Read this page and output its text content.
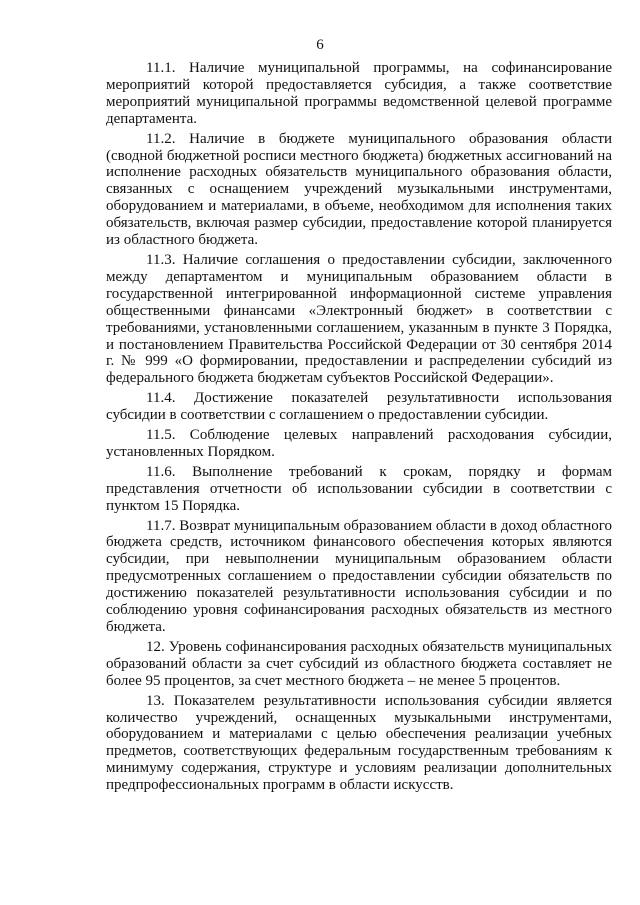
6

11.1. Наличие муниципальной программы, на софинансирование мероприятий которой предоставляется субсидия, а также соответствие мероприятий муниципальной программы ведомственной целевой программе департамента.

11.2. Наличие в бюджете муниципального образования области (сводной бюджетной росписи местного бюджета) бюджетных ассигнований на исполнение расходных обязательств муниципального образования области, связанных с оснащением учреждений музыкальными инструментами, оборудованием и материалами, в объеме, необходимом для исполнения таких обязательств, включая размер субсидии, предоставление которой планируется из областного бюджета.

11.3. Наличие соглашения о предоставлении субсидии, заключенного между департаментом и муниципальным образованием области в государственной интегрированной информационной системе управления общественными финансами «Электронный бюджет» в соответствии с требованиями, установленными соглашением, указанным в пункте 3 Порядка, и постановлением Правительства Российской Федерации от 30 сентября 2014 г. № 999 «О формировании, предоставлении и распределении субсидий из федерального бюджета бюджетам субъектов Российской Федерации».

11.4. Достижение показателей результативности использования субсидии в соответствии с соглашением о предоставлении субсидии.

11.5. Соблюдение целевых направлений расходования субсидии, установленных Порядком.

11.6. Выполнение требований к срокам, порядку и формам представления отчетности об использовании субсидии в соответствии с пунктом 15 Порядка.

11.7. Возврат муниципальным образованием области в доход областного бюджета средств, источником финансового обеспечения которых являются субсидии, при невыполнении муниципальным образованием области предусмотренных соглашением о предоставлении субсидии обязательств по достижению показателей результативности использования субсидии и по соблюдению уровня софинансирования расходных обязательств из местного бюджета.

12. Уровень софинансирования расходных обязательств муниципальных образований области за счет субсидий из областного бюджета составляет не более 95 процентов, за счет местного бюджета – не менее 5 процентов.

13. Показателем результативности использования субсидии является количество учреждений, оснащенных музыкальными инструментами, оборудованием и материалами с целью обеспечения реализации учебных предметов, соответствующих федеральным государственным требованиям к минимуму содержания, структуре и условиям реализации дополнительных предпрофессиональных программ в области искусств.
